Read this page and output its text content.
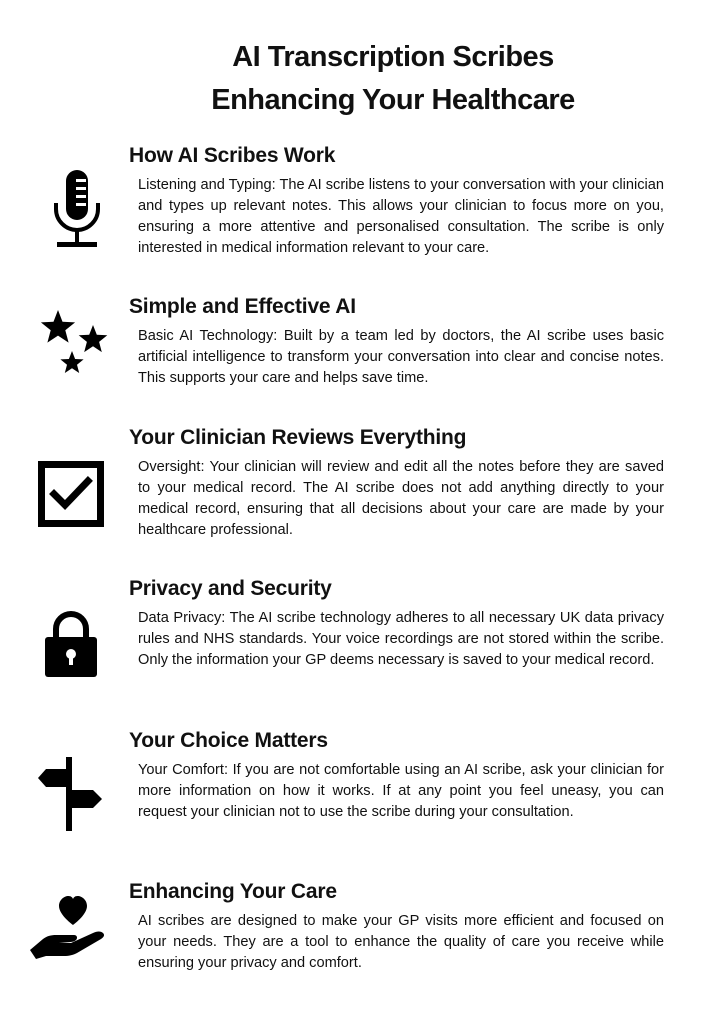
AI Transcription Scribes
Enhancing Your Healthcare
How AI Scribes Work

Listening and Typing: The AI scribe listens to your conversation with your clinician and types up relevant notes. This allows your clinician to focus more on you, ensuring a more attentive and personalised consultation. The scribe is only interested in medical information relevant to your care.

Simple and Effective AI

Basic AI Technology: Built by a team led by doctors, the AI scribe uses basic artificial intelligence to transform your conversation into clear and concise notes. This supports your care and helps save time.

Your Clinician Reviews Everything

Oversight: Your clinician will review and edit all the notes before they are saved to your medical record. The AI scribe does not add anything directly to your medical record, ensuring that all decisions about your care are made by your healthcare professional.

Privacy and Security

Data Privacy: The AI scribe technology adheres to all necessary UK data privacy rules and NHS standards. Your voice recordings are not stored within the scribe. Only the information your GP deems necessary is saved to your medical record.

Your Choice Matters

Your Comfort: If you are not comfortable using an AI scribe, ask your clinician for more information on how it works. If at any point you feel uneasy, you can request your clinician not to use the scribe during your consultation.

Enhancing Your Care

AI scribes are designed to make your GP visits more efficient and focused on your needs. They are a tool to enhance the quality of care you receive while ensuring your privacy and comfort.
